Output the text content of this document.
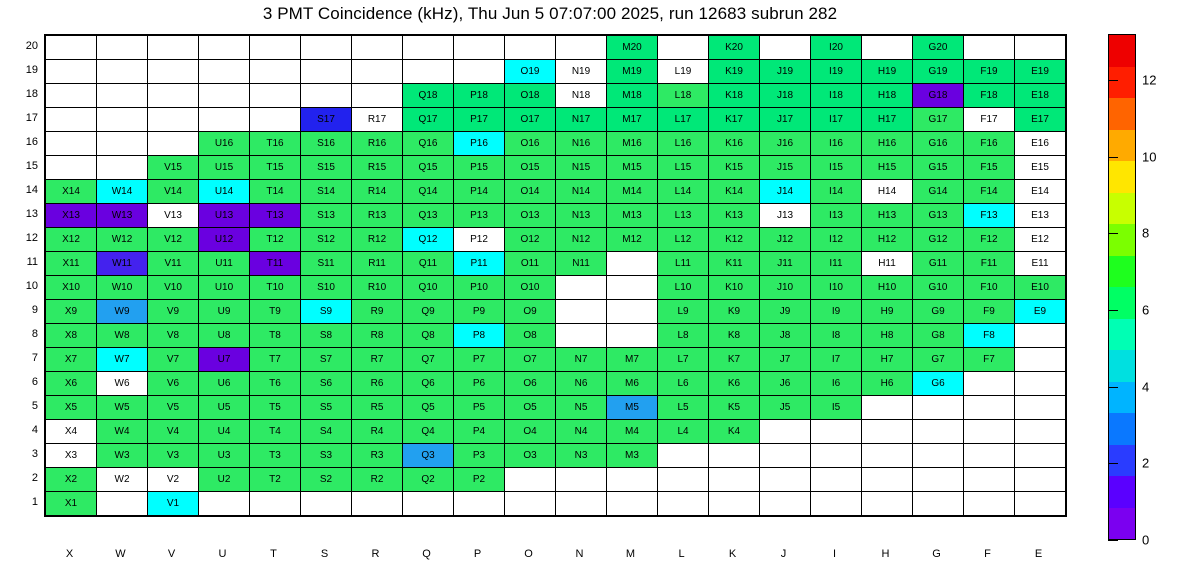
3 PMT Coincidence (kHz), Thu Jun 5 07:07:00 2025, run 12683 subrun 282
											M20		K20		I20		G20		
									O19	N19	M19	L19	K19	J19	I19	H19	G19	F19	E19
							Q18	P18	O18	N18	M18	L18	K18	J18	I18	H18	G18	F18	E18
					S17	R17	Q17	P17	O17	N17	M17	L17	K17	J17	I17	H17	G17	F17	E17
			U16	T16	S16	R16	Q16	P16	O16	N16	M16	L16	K16	J16	I16	H16	G16	F16	E16
		V15	U15	T15	S15	R15	Q15	P15	O15	N15	M15	L15	K15	J15	I15	H15	G15	F15	E15
X14	W14	V14	U14	T14	S14	R14	Q14	P14	O14	N14	M14	L14	K14	J14	I14	H14	G14	F14	E14
X13	W13	V13	U13	T13	S13	R13	Q13	P13	O13	N13	M13	L13	K13	J13	I13	H13	G13	F13	E13
X12	W12	V12	U12	T12	S12	R12	Q12	P12	O12	N12	M12	L12	K12	J12	I12	H12	G12	F12	E12
X11	W11	V11	U11	T11	S11	R11	Q11	P11	O11	N11		L11	K11	J11	I11	H11	G11	F11	E11
X10	W10	V10	U10	T10	S10	R10	Q10	P10	O10			L10	K10	J10	I10	H10	G10	F10	E10
X9	W9	V9	U9	T9	S9	R9	Q9	P9	O9			L9	K9	J9	I9	H9	G9	F9	E9
X8	W8	V8	U8	T8	S8	R8	Q8	P8	O8			L8	K8	J8	I8	H8	G8	F8	
X7	W7	V7	U7	T7	S7	R7	Q7	P7	O7	N7	M7	L7	K7	J7	I7	H7	G7	F7	
X6	W6	V6	U6	T6	S6	R6	Q6	P6	O6	N6	M6	L6	K6	J6	I6	H6	G6		
X5	W5	V5	U5	T5	S5	R5	Q5	P5	O5	N5	M5	L5	K5	J5	I5				
X4	W4	V4	U4	T4	S4	R4	Q4	P4	O4	N4	M4	L4	K4						
X3	W3	V3	U3	T3	S3	R3	Q3	P3	O3	N3	M3								
X2	W2	V2	U2	T2	S2	R2	Q2	P2											
X1		V1																	
20
19
18
17
16
15
14
13
12
11
10
9
8
7
6
5
4
3
2
1
X	W	V	U	T	S	R	Q	P	O	N	M	L	K	J	I	H	G	F	E
0
2
4
6
8
10
12
